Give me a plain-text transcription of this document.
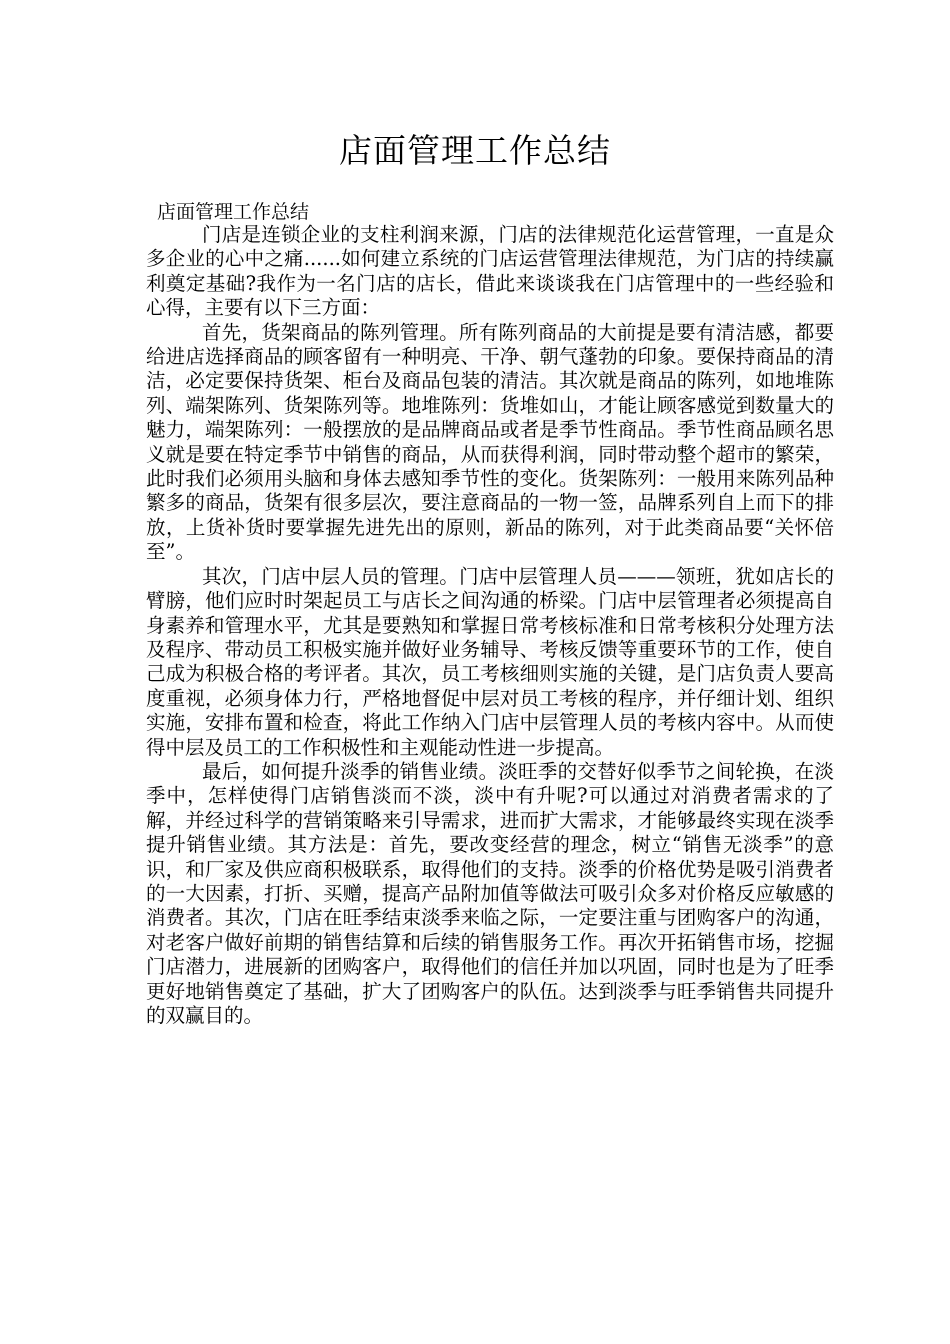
店面管理工作总结
店面管理工作总结

门店是连锁企业的支柱利润来源，门店的法律规范化运营管理，一直是众多企业的心中之痛......如何建立系统的门店运营管理法律规范，为门店的持续赢利奠定基础?我作为一名门店的店长，借此来谈谈我在门店管理中的一些经验和心得，主要有以下三方面：

首先，货架商品的陈列管理。所有陈列商品的大前提是要有清洁感，都要给进店选择商品的顾客留有一种明亮、干净、朝气蓬勃的印象。要保持商品的清洁，必定要保持货架、柜台及商品包装的清洁。其次就是商品的陈列，如地堆陈列、端架陈列、货架陈列等。地堆陈列：货堆如山，才能让顾客感觉到数量大的魅力，端架陈列：一般摆放的是品牌商品或者是季节性商品。季节性商品顾名思义就是要在特定季节中销售的商品，从而获得利润，同时带动整个超市的繁荣，此时我们必须用头脑和身体去感知季节性的变化。货架陈列：一般用来陈列品种繁多的商品，货架有很多层次，要注意商品的一物一签，品牌系列自上而下的排放，上货补货时要掌握先进先出的原则，新品的陈列，对于此类商品要“关怀倍至”。

其次，门店中层人员的管理。门店中层管理人员———领班，犹如店长的臂膀，他们应时时架起员工与店长之间沟通的桥梁。门店中层管理者必须提高自身素养和管理水平，尤其是要熟知和掌握日常考核标准和日常考核积分处理方法及程序、带动员工积极实施并做好业务辅导、考核反馈等重要环节的工作，使自己成为积极合格的考评者。其次，员工考核细则实施的关键，是门店负责人要高度重视，必须身体力行，严格地督促中层对员工考核的程序，并仔细计划、组织实施，安排布置和检查，将此工作纳入门店中层管理人员的考核内容中。从而使得中层及员工的工作积极性和主观能动性进一步提高。

最后，如何提升淡季的销售业绩。淡旺季的交替好似季节之间轮换，在淡季中，怎样使得门店销售淡而不淡，淡中有升呢?可以通过对消费者需求的了解，并经过科学的营销策略来引导需求，进而扩大需求，才能够最终实现在淡季提升销售业绩。其方法是：首先，要改变经营的理念，树立“销售无淡季”的意识，和厂家及供应商积极联系，取得他们的支持。淡季的价格优势是吸引消费者的一大因素，打折、买赠，提高产品附加值等做法可吸引众多对价格反应敏感的消费者。其次，门店在旺季结束淡季来临之际，一定要注重与团购客户的沟通，对老客户做好前期的销售结算和后续的销售服务工作。再次开拓销售市场，挖掘门店潜力，进展新的团购客户，取得他们的信任并加以巩固，同时也是为了旺季更好地销售奠定了基础，扩大了团购客户的队伍。达到淡季与旺季销售共同提升的双赢目的。
